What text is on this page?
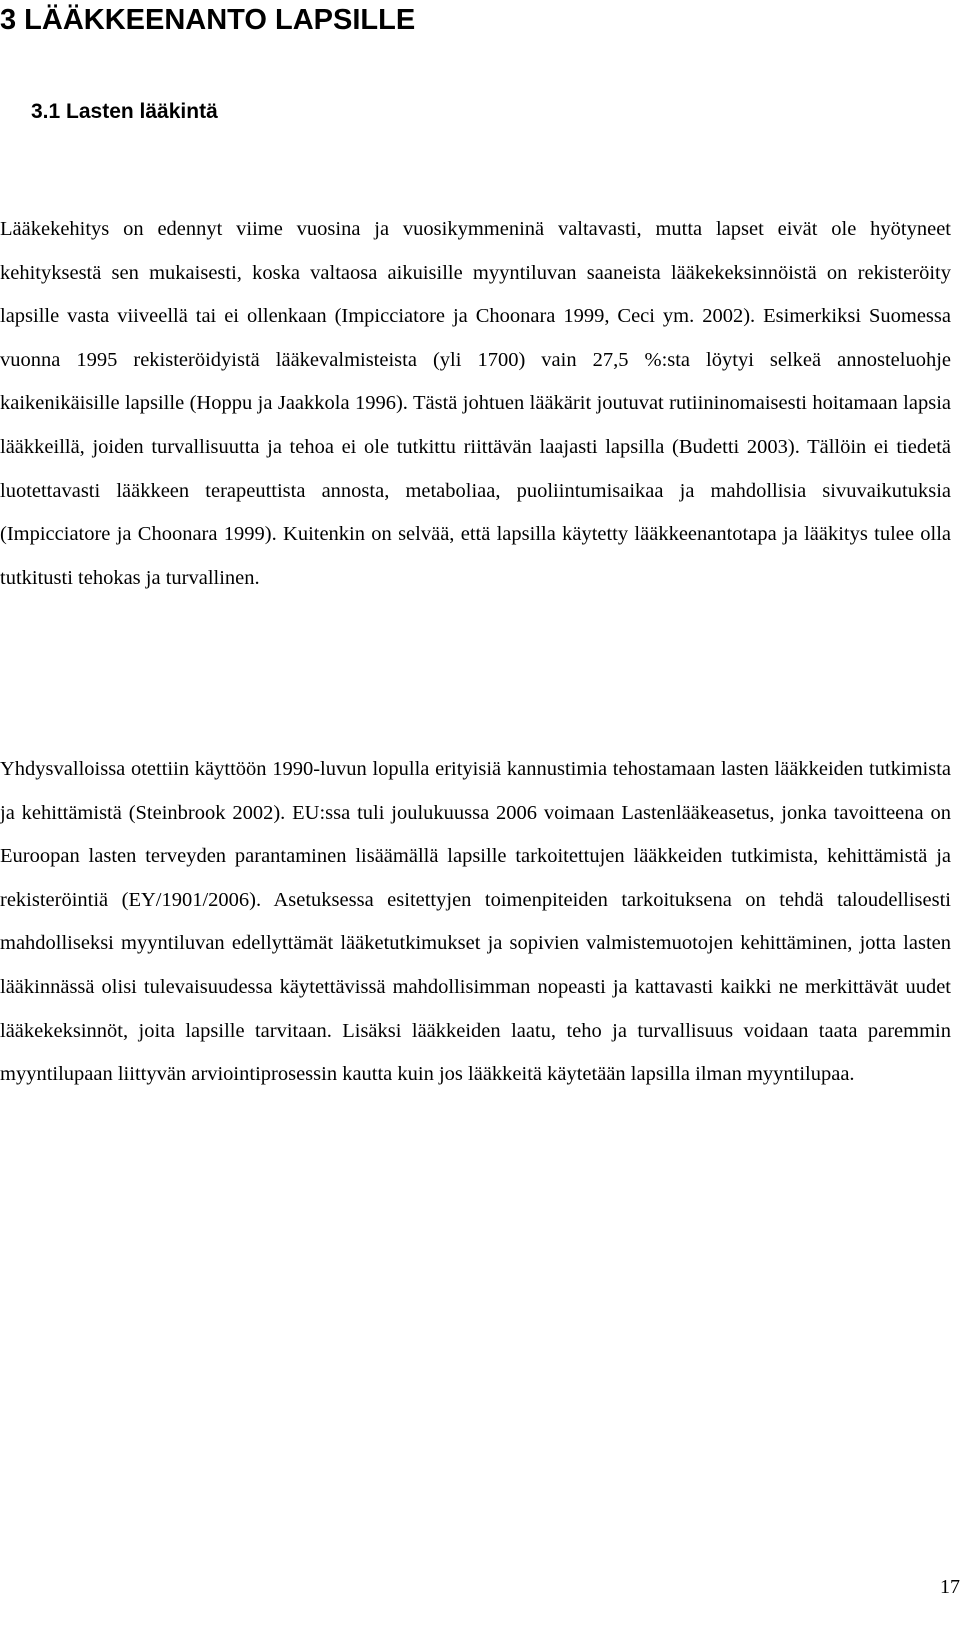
3 LÄÄKKEENANTO LAPSILLE
3.1 Lasten lääkintä

Lääkekehitys on edennyt viime vuosina ja vuosikymmeninä valtavasti, mutta lapset eivät ole hyötyneet kehityksestä sen mukaisesti, koska valtaosa aikuisille myyntiluvan saaneista lääkekeksinnöistä on rekisteröity lapsille vasta viiveellä tai ei ollenkaan (Impicciatore ja Choonara 1999, Ceci ym. 2002). Esimerkiksi Suomessa vuonna 1995 rekisteröidyistä lääkevalmisteista (yli 1700) vain 27,5 %:sta löytyi selkeä annosteluohje kaikenikäisille lapsille (Hoppu ja Jaakkola 1996). Tästä johtuen lääkärit joutuvat rutiininomaisesti hoitamaan lapsia lääkkeillä, joiden turvallisuutta ja tehoa ei ole tutkittu riittävän laajasti lapsilla (Budetti 2003). Tällöin ei tiedetä luotettavasti lääkkeen terapeuttista annosta, metaboliaa, puoliintumisaikaa ja mahdollisia sivuvaikutuksia (Impicciatore ja Choonara 1999). Kuitenkin on selvää, että lapsilla käytetty lääkkeenantotapa ja lääkitys tulee olla tutkitusti tehokas ja turvallinen.

Yhdysvalloissa otettiin käyttöön 1990-luvun lopulla erityisiä kannustimia tehostamaan lasten lääkkeiden tutkimista ja kehittämistä (Steinbrook 2002). EU:ssa tuli joulukuussa 2006 voimaan Lastenlääkeasetus, jonka tavoitteena on Euroopan lasten terveyden parantaminen lisäämällä lapsille tarkoitettujen lääkkeiden tutkimista, kehittämistä ja rekisteröintiä (EY/1901/2006). Asetuksessa esitettyjen toimenpiteiden tarkoituksena on tehdä taloudellisesti mahdolliseksi myyntiluvan edellyttämät lääketutkimukset ja sopivien valmistemuotojen kehittäminen, jotta lasten lääkinnässä olisi tulevaisuudessa käytettävissä mahdollisimman nopeasti ja kattavasti kaikki ne merkittävät uudet lääkekeksinnöt, joita lapsille tarvitaan. Lisäksi lääkkeiden laatu, teho ja turvallisuus voidaan taata paremmin myyntilupaan liittyvän arviointiprosessin kautta kuin jos lääkkeitä käytetään lapsilla ilman myyntilupaa.

17
